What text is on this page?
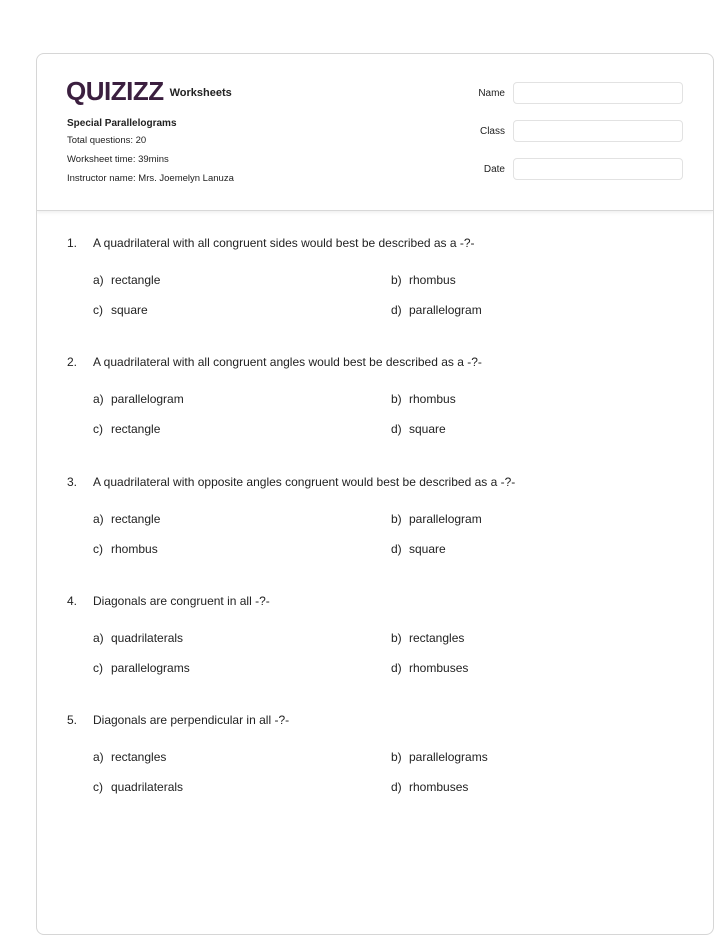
QUIZIZZ Worksheets
Special Parallelograms
Total questions: 20
Worksheet time: 39mins
Instructor name: Mrs. Joemelyn Lanuza
Name
Class
Date
1.	A quadrilateral with all congruent sides would best be described as a -?-
a) rectangle	b) rhombus
c) square	d) parallelogram
2.	A quadrilateral with all congruent angles would best be described as a -?-
a) parallelogram	b) rhombus
c) rectangle	d) square
3.	A quadrilateral with opposite angles congruent would best be described as a -?-
a) rectangle	b) parallelogram
c) rhombus	d) square
4.	Diagonals are congruent in all -?-
a) quadrilaterals	b) rectangles
c) parallelograms	d) rhombuses
5.	Diagonals are perpendicular in all -?-
a) rectangles	b) parallelograms
c) quadrilaterals	d) rhombuses
